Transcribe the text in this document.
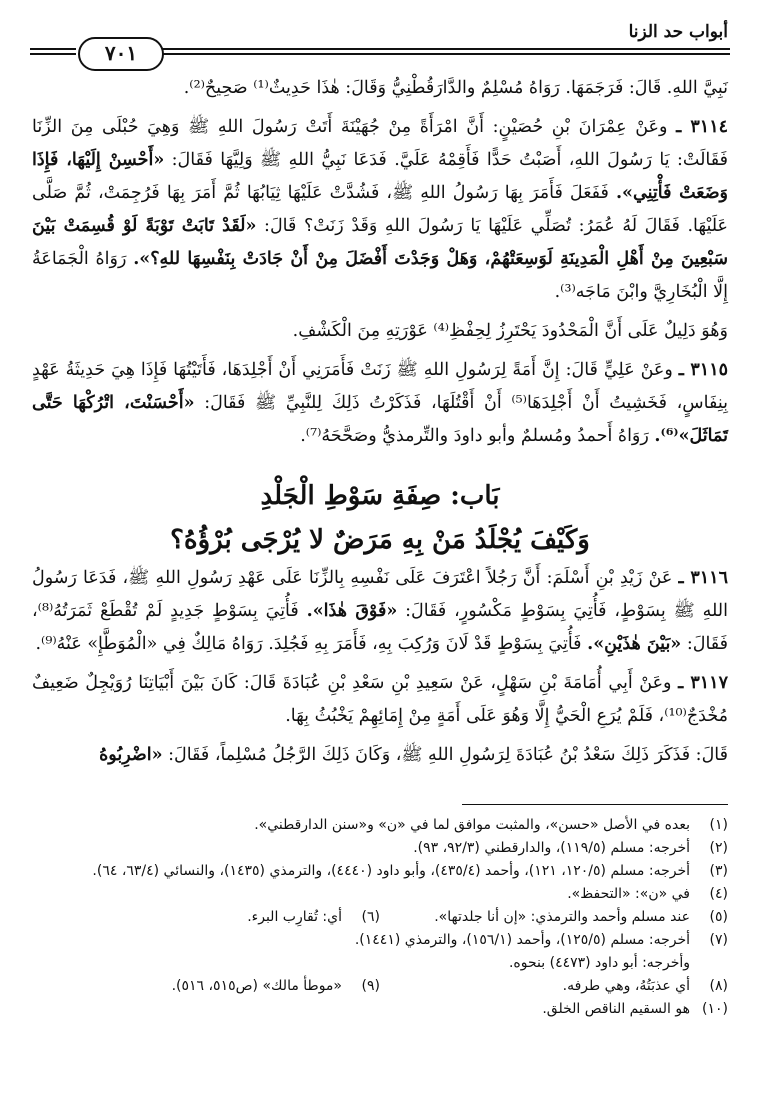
أبواب حد الزنا
٧٠١

نَبِيَّ اللهِ. قَالَ: فَرَجَمَهَا. رَوَاهُ مُسْلِمٌ والدَّارَقُطْنِيُّ وَقَالَ: هٰذَا حَدِيثٌ⁽¹⁾ صَحِيحٌ⁽²⁾.

٣١١٤ ـ وعَنْ عِمْرَانَ بْنِ حُصَيْنٍ: أَنَّ امْرَأَةً مِنْ جُهَيْنَةَ أَتَتْ رَسُولَ اللهِ ﷺ وَهِيَ حُبْلَى مِنَ الزِّنَا فَقَالَتْ: يَا رَسُولَ اللهِ، أَصَبْتُ حَدًّا فَأَقِمْهُ عَلَيَّ. فَدَعَا نَبِيُّ اللهِ ﷺ وَلِيَّهَا فَقَالَ: «أَحْسِنْ إِلَيْهَا، فَإِذَا وَضَعَتْ فَأْتِنِي». فَفَعَلَ فَأَمَرَ بِهَا رَسُولُ اللهِ ﷺ، فَشُدَّتْ عَلَيْهَا ثِيَابُهَا ثُمَّ أَمَرَ بِهَا فَرُجِمَتْ، ثُمَّ صَلَّى عَلَيْهَا. فَقَالَ لَهُ عُمَرُ: تُصَلِّي عَلَيْهَا يَا رَسُولَ اللهِ وَقَدْ زَنَتْ؟ قَالَ: «لَقَدْ تَابَتْ تَوْبَةً لَوْ قُسِمَتْ بَيْنَ سَبْعِينَ مِنْ أَهْلِ الْمَدِينَةِ لَوَسِعَتْهُمْ، وَهَلْ وَجَدْتَ أَفْضَلَ مِنْ أَنْ جَادَتْ بِنَفْسِهَا للهِ؟». رَوَاهُ الْجَمَاعَةُ إِلَّا الْبُخَارِيَّ وابْنَ مَاجَه⁽³⁾.

وَهُوَ دَلِيلٌ عَلَى أَنَّ الْمَحْدُودَ يَحْتَرِزُ لِحِفْظِ⁽⁴⁾ عَوْرَتِهِ مِنَ الْكَشْفِ.

٣١١٥ ـ وعَنْ عَلِيٍّ قَالَ: إِنَّ أَمَةً لِرَسُولِ اللهِ ﷺ زَنَتْ فَأَمَرَنِي أَنْ أَجْلِدَهَا، فَأَتَيْتُهَا فَإِذَا هِيَ حَدِيثَةُ عَهْدٍ بِنِفَاسٍ، فَخَشِيتُ أَنْ أَجْلِدَهَا⁽⁵⁾ أَنْ أَقْتُلَهَا، فَذَكَرْتُ ذَلِكَ لِلنَّبِيِّ ﷺ فَقَالَ: «أَحْسَنْتَ، اتْرُكْهَا حَتَّى تَمَاثَلَ»⁽⁶⁾. رَوَاهُ أَحمدُ ومُسلمٌ وأبو داودَ والتِّرمذيُّ وصَحَّحَهُ⁽⁷⁾.

بَاب: صِفَةِ سَوْطِ الْجَلْدِ
وَكَيْفَ يُجْلَدُ مَنْ بِهِ مَرَضٌ لا يُرْجَى بُرْؤُهُ؟

٣١١٦ ـ عَنْ زَيْدِ بْنِ أَسْلَمَ: أَنَّ رَجُلاً اعْتَرَفَ عَلَى نَفْسِهِ بِالزِّنَا عَلَى عَهْدِ رَسُولِ اللهِ ﷺ، فَدَعَا رَسُولُ اللهِ ﷺ بِسَوْطٍ، فَأُتِيَ بِسَوْطٍ مَكْسُورٍ، فَقَالَ: «فَوْقَ هٰذَا». فَأُتِيَ بِسَوْطٍ جَدِيدٍ لَمْ تُقْطَعْ ثَمَرَتُهُ⁽⁸⁾، فَقَالَ: «بَيْنَ هٰذَيْنِ». فَأُتِيَ بِسَوْطٍ قَدْ لَانَ وَرُكِبَ بِهِ، فَأَمَرَ بِهِ فَجُلِدَ. رَوَاهُ مَالِكٌ فِي «الْمُوَطَّإِ» عَنْهُ⁽⁹⁾.

٣١١٧ ـ وعَنْ أَبِي أُمَامَةَ بْنِ سَهْلٍ، عَنْ سَعِيدِ بْنِ سَعْدِ بْنِ عُبَادَةَ قَالَ: كَانَ بَيْنَ أَبْيَاتِنَا رُوَيْجِلٌ ضَعِيفٌ مُخْدَجٌ⁽¹⁰⁾، فَلَمْ يُرَعِ الْحَيُّ إِلَّا وَهُوَ عَلَى أَمَةٍ مِنْ إِمَائِهِمْ يَخْبُثُ بِهَا.

قَالَ: فَذَكَرَ ذَلِكَ سَعْدُ بْنُ عُبَادَةَ لِرَسُولِ اللهِ ﷺ، وَكَانَ ذَلِكَ الرَّجُلُ مُسْلِماً، فَقَالَ: «اضْرِبُوهُ

(١)
بعده في الأصل «حسن»، والمثبت موافق لما في «ن» و«سنن الدارقطني».
(٢)
أخرجه: مسلم (١١٩/٥)، والدارقطني (٩٢/٣، ٩٣).
(٣)
أخرجه: مسلم (١٢٠/٥، ١٢١)، وأحمد (٤٣٥/٤)، وأبو داود (٤٤٤٠)، والترمذي (١٤٣٥)، والنسائي (٦٣/٤، ٦٤).
(٤)
في «ن»: «التحفظ».
(٥)
عند مسلم وأحمد والترمذي: «إن أنا جلدتها».
(٦)
أي: تُقارِب البرء.
(٧)
أخرجه: مسلم (١٢٥/٥)، وأحمد (١٥٦/١)، والترمذي (١٤٤١).
وأخرجه: أبو داود (٤٤٧٣) بنحوه.
(٨)
أي عذبَتُهُ، وهي طرفه.
(٩)
«موطأ مالك» (ص٥١٥، ٥١٦).
(١٠)
هو السقيم الناقص الخلق.
